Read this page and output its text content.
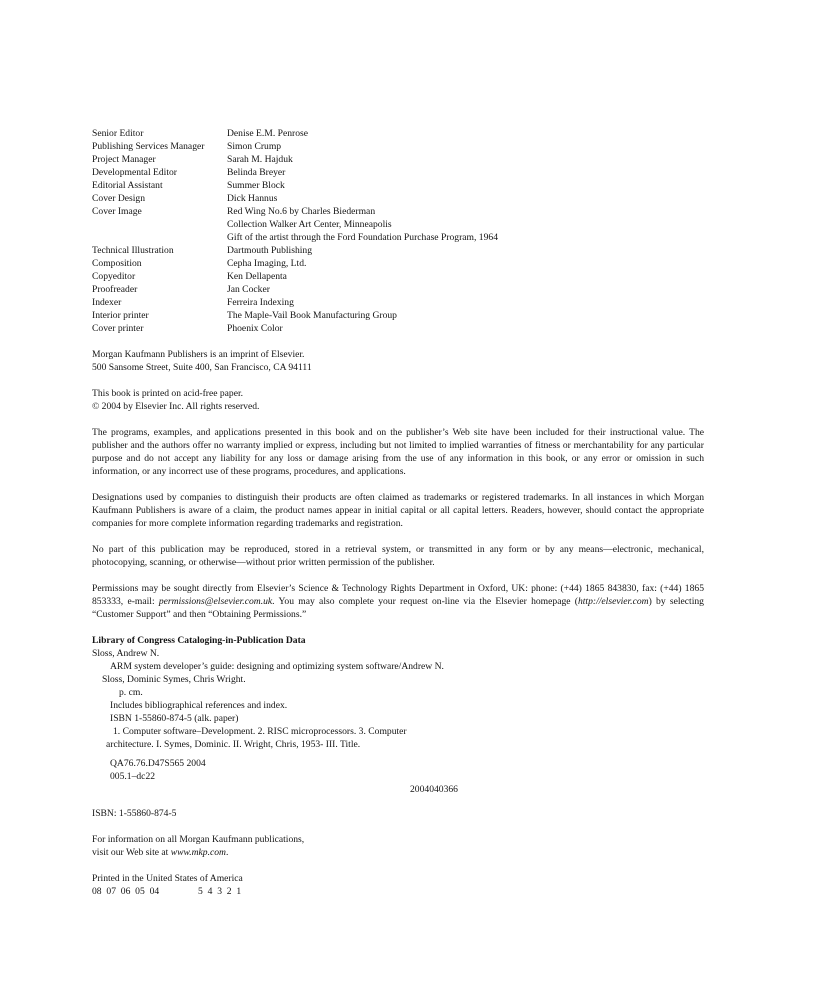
Senior Editor	Denise E.M. Penrose
Publishing Services Manager	Simon Crump
Project Manager	Sarah M. Hajduk
Developmental Editor	Belinda Breyer
Editorial Assistant	Summer Block
Cover Design	Dick Hannus
Cover Image	Red Wing No.6 by Charles Biederman
Collection Walker Art Center, Minneapolis
Gift of the artist through the Ford Foundation Purchase Program, 1964
Technical Illustration	Dartmouth Publishing
Composition	Cepha Imaging, Ltd.
Copyeditor	Ken Dellapenta
Proofreader	Jan Cocker
Indexer	Ferreira Indexing
Interior printer	The Maple-Vail Book Manufacturing Group
Cover printer	Phoenix Color
Morgan Kaufmann Publishers is an imprint of Elsevier.
500 Sansome Street, Suite 400, San Francisco, CA 94111
This book is printed on acid-free paper.
© 2004 by Elsevier Inc. All rights reserved.
The programs, examples, and applications presented in this book and on the publisher’s Web site have been included for their instructional value. The publisher and the authors offer no warranty implied or express, including but not limited to implied warranties of fitness or merchantability for any particular purpose and do not accept any liability for any loss or damage arising from the use of any information in this book, or any error or omission in such information, or any incorrect use of these programs, procedures, and applications.
Designations used by companies to distinguish their products are often claimed as trademarks or registered trademarks. In all instances in which Morgan Kaufmann Publishers is aware of a claim, the product names appear in initial capital or all capital letters. Readers, however, should contact the appropriate companies for more complete information regarding trademarks and registration.
No part of this publication may be reproduced, stored in a retrieval system, or transmitted in any form or by any means—electronic, mechanical, photocopying, scanning, or otherwise—without prior written permission of the publisher.
Permissions may be sought directly from Elsevier’s Science & Technology Rights Department in Oxford, UK: phone: (+44) 1865 843830, fax: (+44) 1865 853333, e-mail: permissions@elsevier.com.uk. You may also complete your request on-line via the Elsevier homepage (http://elsevier.com) by selecting “Customer Support” and then “Obtaining Permissions.”
Library of Congress Cataloging-in-Publication Data
Sloss, Andrew N.
ARM system developer’s guide: designing and optimizing system software/Andrew N.
Sloss, Dominic Symes, Chris Wright.
p. cm.
Includes bibliographical references and index.
ISBN 1-55860-874-5 (alk. paper)
1. Computer software–Development. 2. RISC microprocessors. 3. Computer
architecture. I. Symes, Dominic. II. Wright, Chris, 1953- III. Title.
QA76.76.D47S565 2004
005.1–dc22
2004040366
ISBN: 1-55860-874-5
For information on all Morgan Kaufmann publications,
visit our Web site at www.mkp.com.
Printed in the United States of America
08  07  06  05  04	5  4  3  2  1
